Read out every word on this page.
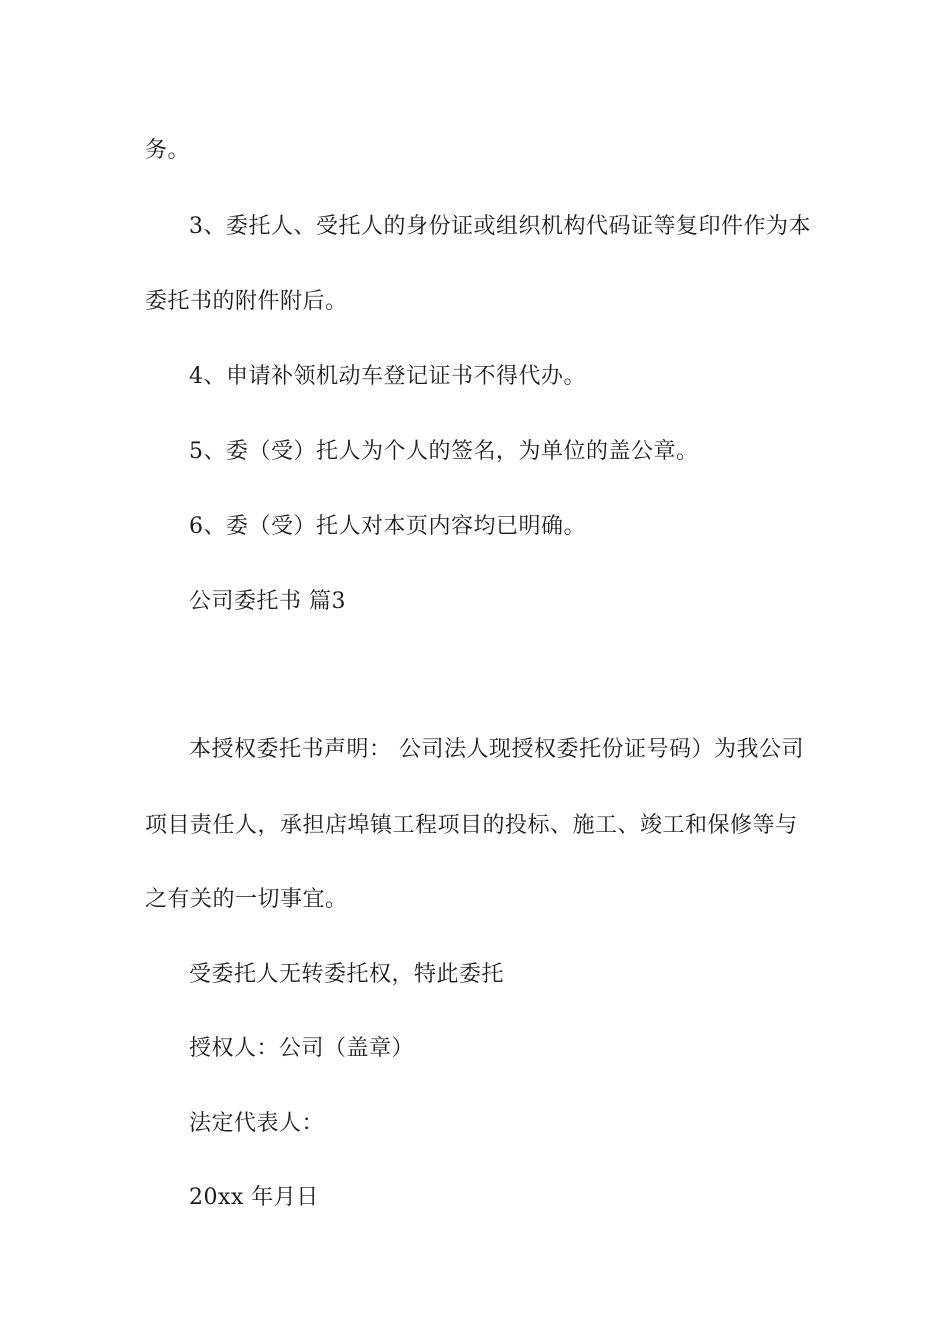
务。
3、委托人、受托人的身份证或组织机构代码证等复印件作为本
委托书的附件附后。
4、申请补领机动车登记证书不得代办。
5、委（受）托人为个人的签名，为单位的盖公章。
6、委（受）托人对本页内容均已明确。
公司委托书 篇3
本授权委托书声明： 公司法人现授权委托份证号码）为我公司
项目责任人，承担店埠镇工程项目的投标、施工、竣工和保修等与
之有关的一切事宜。
受委托人无转委托权，特此委托
授权人：公司（盖章）
法定代表人：
20xx 年月日
